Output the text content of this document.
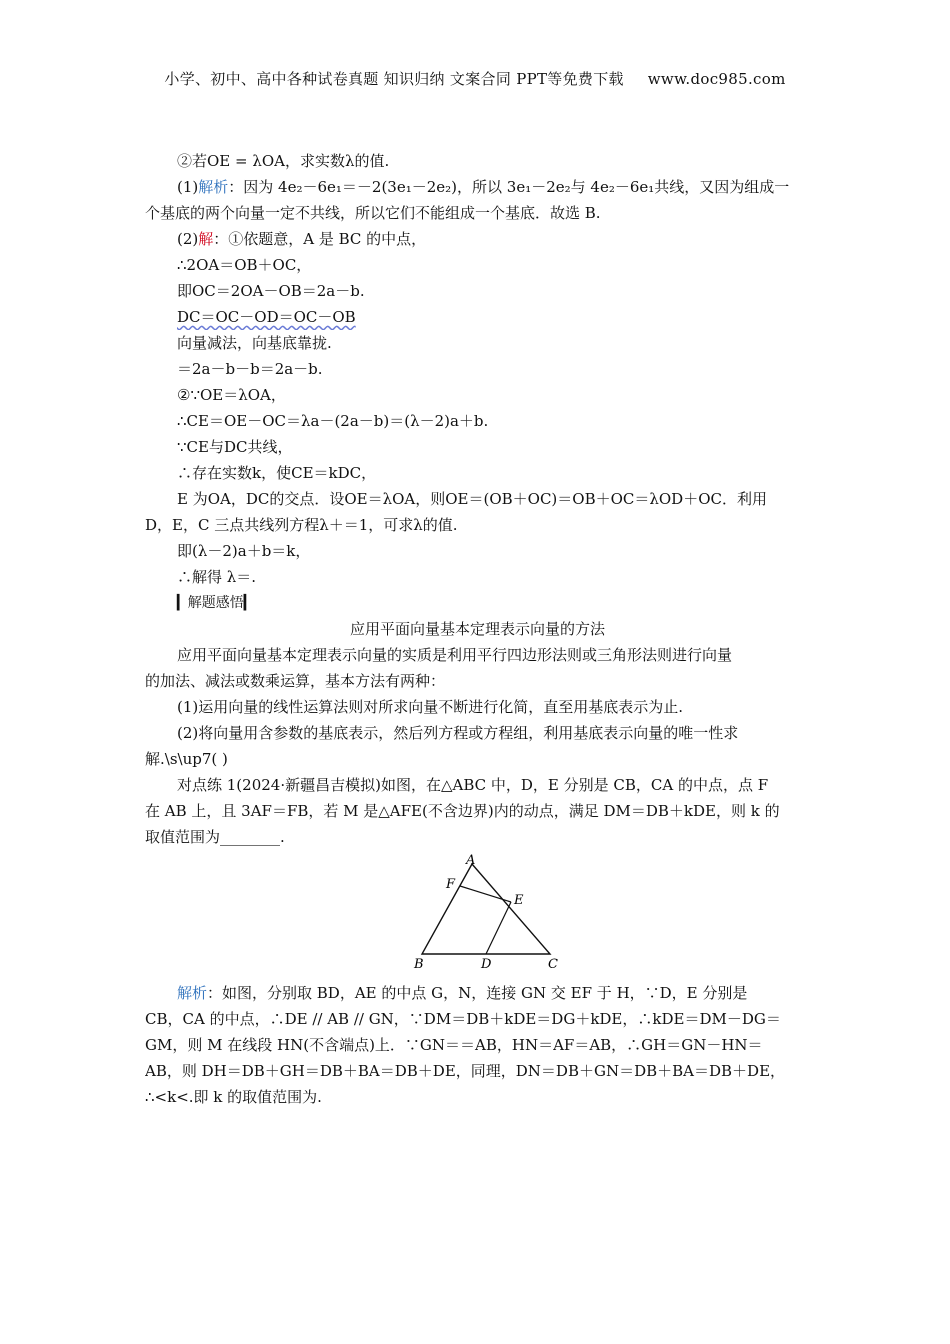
小学、初中、高中各种试卷真题 知识归纳 文案合同 PPT等免费下载 www.doc985.com
②若OE = λOA，求实数λ的值.
(1)解析：因为 4e₂－6e₁＝－2(3e₁－2e₂)，所以 3e₁－2e₂与 4e₂－6e₁共线，又因为组成一
个基底的两个向量一定不共线，所以它们不能组成一个基底．故选 B.
(2)解：①依题意，A 是 BC 的中点，
∴2OA＝OB＋OC，
即OC＝2OA－OB＝2a－b.
DC＝OC－OD＝OC－OB
向量减法，向基底靠拢.
＝2a－b－b＝2a－b.
②∵OE＝λOA，
∴CE＝OE－OC＝λa－(2a－b)＝(λ－2)a＋b.
∵CE与DC共线，
∴存在实数k，使CE＝kDC，
E 为OA，DC的交点．设OE＝λOA，则OE＝(OB＋OC)＝OB＋OC＝λOD＋OC．利用
D，E，C 三点共线列方程λ＋＝1，可求λ的值.
即(λ－2)a＋b＝k，
∴解得 λ＝.
▎解题感悟▎
应用平面向量基本定理表示向量的方法
应用平面向量基本定理表示向量的实质是利用平行四边形法则或三角形法则进行向量
的加法、减法或数乘运算，基本方法有两种：
(1)运用向量的线性运算法则对所求向量不断进行化简，直至用基底表示为止.
(2)将向量用含参数的基底表示，然后列方程或方程组，利用基底表示向量的唯一性求
解.\s\up7( )
对点练 1(2024·新疆昌吉模拟)如图，在△ABC 中，D，E 分别是 CB，CA 的中点，点 F
在 AB 上，且 3AF＝FB，若 M 是△AFE(不含边界)内的动点，满足 DM＝DB＋kDE，则 k 的
取值范围为________.
A
F
E
B	D	C
解析：如图，分别取 BD，AE 的中点 G，N，连接 GN 交 EF 于 H，∵D，E 分别是
CB，CA 的中点，∴DE // AB // GN，∵DM＝DB＋kDE＝DG＋kDE，∴kDE＝DM－DG＝
GM，则 M 在线段 HN(不含端点)上．∵GN＝＝AB，HN＝AF＝AB，∴GH＝GN－HN＝
AB，则 DH＝DB＋GH＝DB＋BA＝DB＋DE，同理，DN＝DB＋GN＝DB＋BA＝DB＋DE，
∴<k<.即 k 的取值范围为.
